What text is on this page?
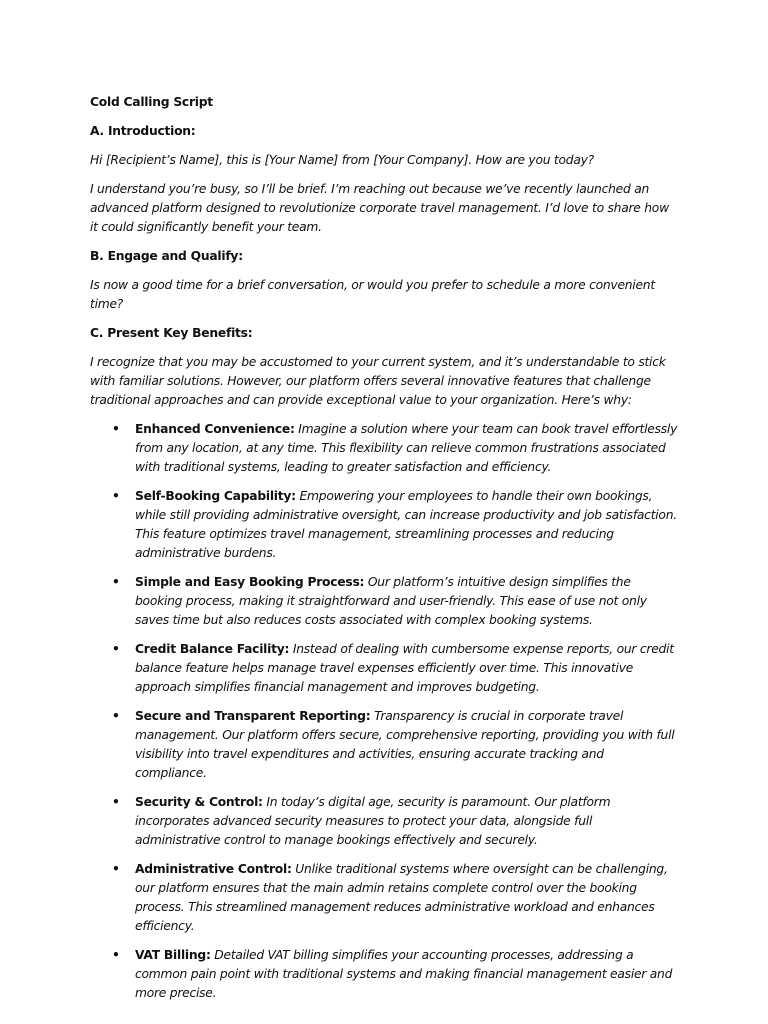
Cold Calling Script

A. Introduction:

Hi [Recipient’s Name], this is [Your Name] from [Your Company]. How are you today?

I understand you’re busy, so I’ll be brief. I’m reaching out because we’ve recently launched an advanced platform designed to revolutionize corporate travel management. I’d love to share how it could significantly benefit your team.

B. Engage and Qualify:

Is now a good time for a brief conversation, or would you prefer to schedule a more convenient time?

C. Present Key Benefits:

I recognize that you may be accustomed to your current system, and it’s understandable to stick with familiar solutions. However, our platform offers several innovative features that challenge traditional approaches and can provide exceptional value to your organization. Here’s why:

• Enhanced Convenience: Imagine a solution where your team can book travel effortlessly from any location, at any time. This flexibility can relieve common frustrations associated with traditional systems, leading to greater satisfaction and efficiency.
• Self-Booking Capability: Empowering your employees to handle their own bookings, while still providing administrative oversight, can increase productivity and job satisfaction. This feature optimizes travel management, streamlining processes and reducing administrative burdens.
• Simple and Easy Booking Process: Our platform’s intuitive design simplifies the booking process, making it straightforward and user-friendly. This ease of use not only saves time but also reduces costs associated with complex booking systems.
• Credit Balance Facility: Instead of dealing with cumbersome expense reports, our credit balance feature helps manage travel expenses efficiently over time. This innovative approach simplifies financial management and improves budgeting.
• Secure and Transparent Reporting: Transparency is crucial in corporate travel management. Our platform offers secure, comprehensive reporting, providing you with full visibility into travel expenditures and activities, ensuring accurate tracking and compliance.
• Security & Control: In today’s digital age, security is paramount. Our platform incorporates advanced security measures to protect your data, alongside full administrative control to manage bookings effectively and securely.
• Administrative Control: Unlike traditional systems where oversight can be challenging, our platform ensures that the main admin retains complete control over the booking process. This streamlined management reduces administrative workload and enhances efficiency.
• VAT Billing: Detailed VAT billing simplifies your accounting processes, addressing a common pain point with traditional systems and making financial management easier and more precise.
